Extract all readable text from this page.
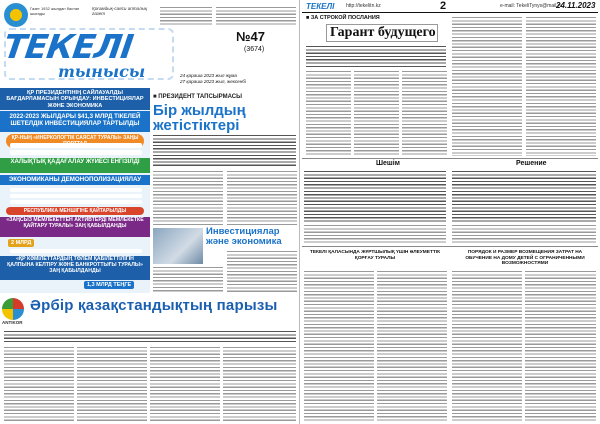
Газет 1932 жылдан бастап шығады
Қоғамдық-саяси апталық газет
ТЕКЕЛІ
тынысы
№47
(3674)
24 қараша 2023 жыл жұма
27 қараша 2023 жыл, жексенбі
ҚР ПРЕЗИДЕНТІНІҢ САЙЛАУАЛДЫ БАҒДАРЛАМАСЫН ОРЫНДАУ: ИНВЕСТИЦИЯЛАР ЖӘНЕ ЭКОНОМИКА
2022-2023 ЖЫЛДАРЫ $41,3 МЛРД ТІКЕЛЕЙ ШЕТЕЛДІК ИНВЕСТИЦИЯЛАР ТАРТЫЛДЫ
ҚР-НЫҢ «ИНЕРКОЛОГТІК САЯСАТ ТУРАЛЫ» ЗАҢЫ
ХАЛЫҚТЫҚ ҚАДАҒАЛАУ ЖҮЙЕСІ ЕНГІЗІЛДІ
ЭКОНОМИКАНЫ ДЕМОНОПОЛИЗАЦИЯЛАУ
РЕСПУБЛИКА МЕНШІГІНЕ ҚАЙТАРЫЛДЫ
«ЗАҢСЫЗ МЕМЛЕКЕТТЕН АКТИВТЕРДІ МЕМЛЕКЕТКЕ ҚАЙТАРУ ТУРАЛЫ» ЗАҢ ҚАБЫЛДАНДЫ
2 МЛРД
«ҚР КӘМІЛЕТТАРДЫҢ ТӨЛЕМ ҚАБІЛЕТТІЛІГІН ҚАЛПЫНА КЕЛТІРУ ЖӘНЕ БАНКРОТТЫҒЫ ТУРАЛЫ» ЗАҢ ҚАБЫЛДАНДЫ
1,3 МЛРД ТЕҢГЕ
■ ПРЕЗИДЕНТ ТАПСЫРМАСЫ
Бір жылдың жетістіктері
Инвестициялар және экономика
ANTIKOR
Әрбір қазақстандықтың парызы
ТЕКЕЛІ http://tekelitn.kz	2	e-mail: TekeliTynys@mail.ru
24.11.2023
■ ЗА СТРОКОЙ ПОСЛАНИЯ
Гарант будущего
Шешім	Решение
ТЕКЕЛІ ҚАЛАСЫНДА ЖҰРТШЫЛЫҚ ҮШІН ӘЛЕУМЕТТІК ҚОРҒАУ ТУРАЛЫ
ПОРЯДОК И РАЗМЕР ВОЗМЕЩЕНИЯ ЗАТРАТ НА ОБУЧЕНИЕ НА ДОМУ ДЕТЕЙ С ОГРАНИЧЕННЫМИ ВОЗМОЖНОСТЯМИ
